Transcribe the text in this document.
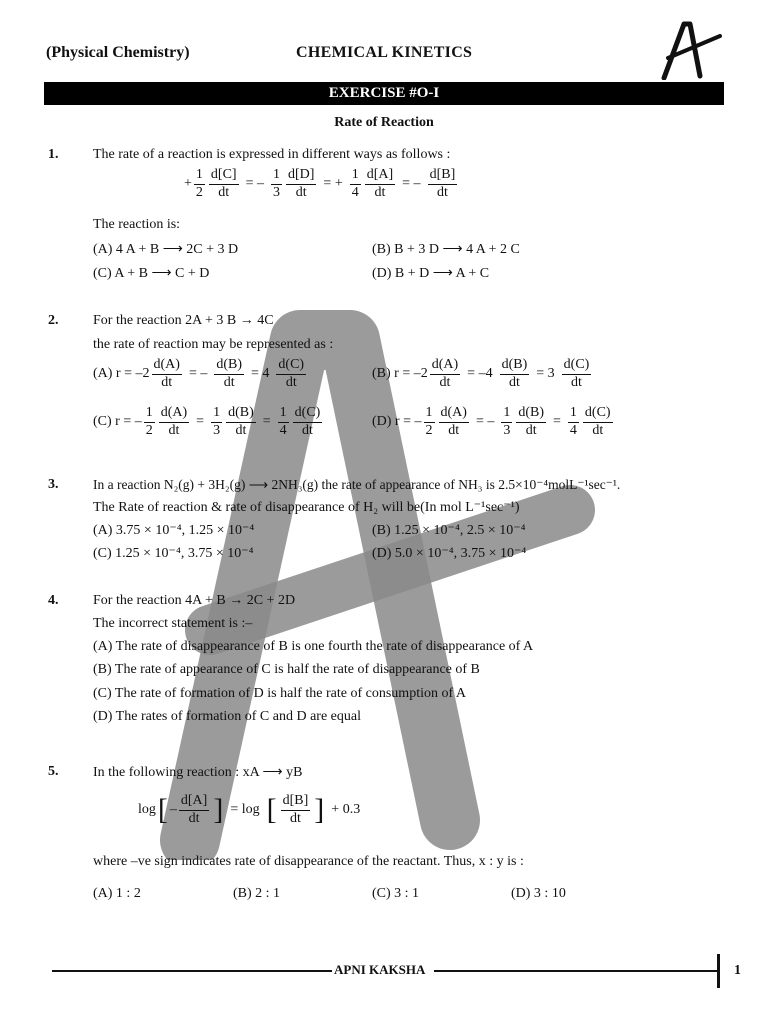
(Physical Chemistry)	CHEMICAL KINETICS
EXERCISE #O-I
Rate of Reaction
1. The rate of a reaction is expressed in different ways as follows :
+ $\frac{1}{2} \frac{d[C]}{dt}$ = – $\frac{1}{3} \frac{d[D]}{dt}$ = + $\frac{1}{4} \frac{d[A]}{dt}$ = – $\frac{d[B]}{dt}$
The reaction is:
(A) 4 A + B ⟶ 2C + 3 D	(B) B + 3 D ⟶ 4 A + 2 C
(C) A + B ⟶ C + D	(D) B + D ⟶ A + C
2. For the reaction 2A + 3 B → 4C
the rate of reaction may be represented as :
(A) $r = -2 \frac{d(A)}{dt}$ = – $\frac{d(B)}{dt} = 4 \frac{d(C)}{dt}$	(B) $r = -2 \frac{d(A)}{dt} = -4 \frac{d(B)}{dt} = 3 \frac{d(C)}{dt}$
(C) r = – $\frac{1}{2} \frac{d(A)}{dt} = \frac{1}{3} \frac{d(B)}{dt} = \frac{1}{4} \frac{d(C)}{dt}$	(D) r = – $\frac{1}{2} \frac{d(A)}{dt}$ = – $\frac{1}{3} \frac{d(B)}{dt} = \frac{1}{4} \frac{d(C)}{dt}$
3.	In a reaction N₂(g) + 3H₂(g) ⟶ 2NH₃(g) the rate of appearance of NH₃ is 2.5×10⁻⁴molL⁻¹sec⁻¹.
The Rate of reaction & rate of disappearance of H₂ will be(In mol L⁻¹sec⁻¹)
(A) 3.75 × 10⁻⁴, 1.25 × 10⁻⁴	(B) 1.25 × 10⁻⁴, 2.5 × 10⁻⁴
(C) 1.25 × 10⁻⁴, 3.75 × 10⁻⁴	(D) 5.0 × 10⁻⁴, 3.75 × 10⁻⁴
4. For the reaction 4A + B → 2C + 2D
The incorrect statement is :–
(A) The rate of disappearance of B is one fourth the rate of disappearance of A
(B) The rate of appearance of C is half the rate of disappearance of B
(C) The rate of formation of D is half the rate of consumption of A
(D) The rates of formation of C and D are equal
5. In the following reaction : xA ⟶ yB
log [ – $\frac{d[A]}{dt}$ ] = log [ $\frac{d[B]}{dt}$ ] + 0.3
where –ve sign indicates rate of disappearance of the reactant. Thus, x : y is :
(A) 1 : 2	(B) 2 : 1	(C) 3 : 1	(D) 3 : 10
APNI KAKSHA	1
